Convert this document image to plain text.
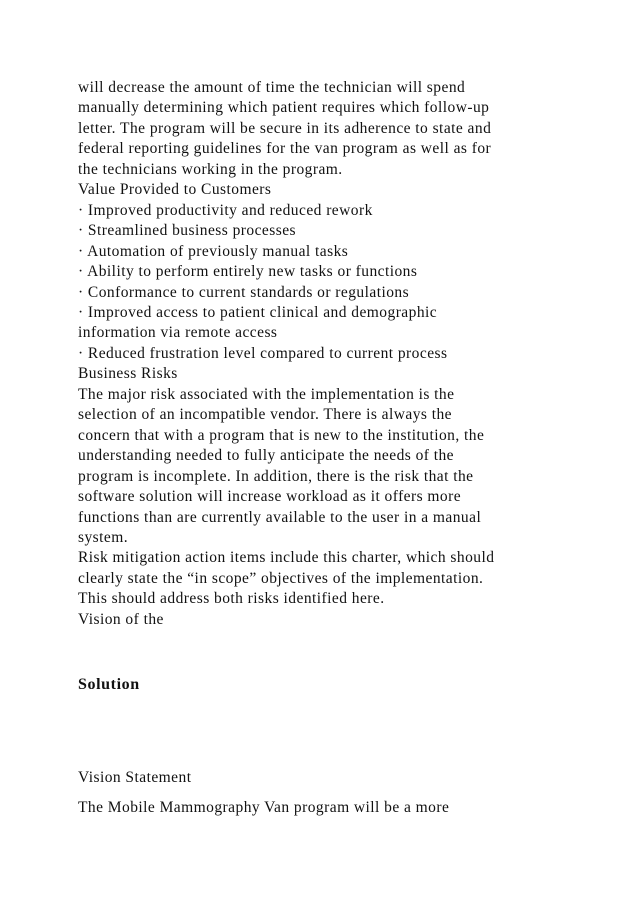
will decrease the amount of time the technician will spend
manually determining which patient requires which follow-up
letter. The program will be secure in its adherence to state and
federal reporting guidelines for the van program as well as for
the technicians working in the program.
Value Provided to Customers
· Improved productivity and reduced rework
· Streamlined business processes
· Automation of previously manual tasks
· Ability to perform entirely new tasks or functions
· Conformance to current standards or regulations
· Improved access to patient clinical and demographic
information via remote access
· Reduced frustration level compared to current process
Business Risks
The major risk associated with the implementation is the
selection of an incompatible vendor. There is always the
concern that with a program that is new to the institution, the
understanding needed to fully anticipate the needs of the
program is incomplete. In addition, there is the risk that the
software solution will increase workload as it offers more
functions than are currently available to the user in a manual
system.
Risk mitigation action items include this charter, which should
clearly state the “in scope” objectives of the implementation.
This should address both risks identified here.
Vision of the
Solution
Vision Statement
The Mobile Mammography Van program will be a more
